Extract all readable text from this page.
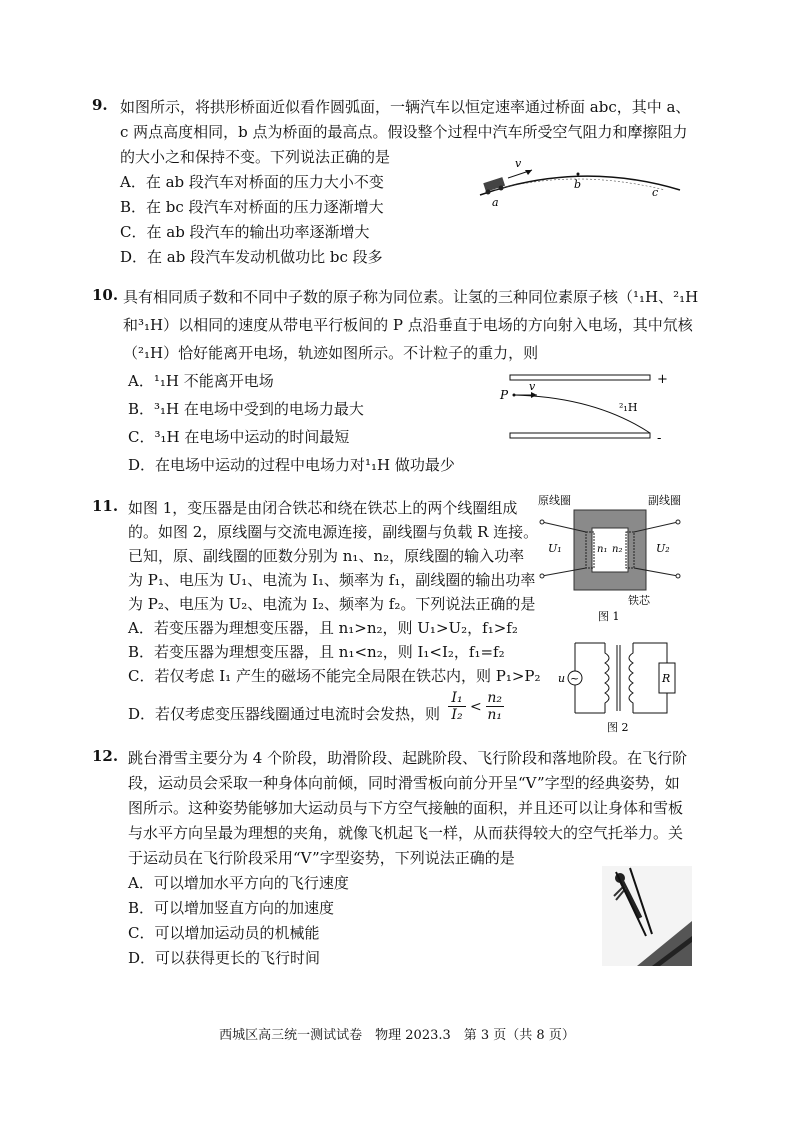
9. 如图所示，将拱形桥面近似看作圆弧面，一辆汽车以恒定速率通过桥面 abc，其中 a、
c 两点高度相同，b 点为桥面的最高点。假设整个过程中汽车所受空气阻力和摩擦阻力
的大小之和保持不变。下列说法正确的是
A．在 ab 段汽车对桥面的压力大小不变
B．在 bc 段汽车对桥面的压力逐渐增大
C．在 ab 段汽车的输出功率逐渐增大
D．在 ab 段汽车发动机做功比 bc 段多
v
a
b
c
10. 具有相同质子数和不同中子数的原子称为同位素。让氢的三种同位素原子核（¹₁H、²₁H
和³₁H）以相同的速度从带电平行板间的 P 点沿垂直于电场的方向射入电场，其中氘核
（²₁H）恰好能离开电场，轨迹如图所示。不计粒子的重力，则
A．¹₁H 不能离开电场
B．³₁H 在电场中受到的电场力最大
C．³₁H 在电场中运动的时间最短
D．在电场中运动的过程中电场力对¹₁H 做功最少
+
-
P
v
²₁H
11. 如图 1，变压器是由闭合铁芯和绕在铁芯上的两个线圈组成
的。如图 2，原线圈与交流电源连接，副线圈与负载 R 连接。
已知，原、副线圈的匝数分别为 n₁、n₂，原线圈的输入功率
为 P₁、电压为 U₁、电流为 I₁、频率为 f₁，副线圈的输出功率
为 P₂、电压为 U₂、电流为 I₂、频率为 f₂。下列说法正确的是
A．若变压器为理想变压器，且 n₁>n₂，则 U₁>U₂，f₁>f₂
B．若变压器为理想变压器，且 n₁<n₂，则 I₁<I₂，f₁=f₂
C．若仅考虑 I₁ 产生的磁场不能完全局限在铁芯内，则 P₁>P₂
D．若仅考虑变压器线圈通过电流时会发热，则
I₁
I₂
<
n₂
n₁
原线圈	副线圈
U₁	n₁ n₂	U₂
铁芯
图 1
~
u	R
图 2
12. 跳台滑雪主要分为 4 个阶段，助滑阶段、起跳阶段、飞行阶段和落地阶段。在飞行阶
段，运动员会采取一种身体向前倾，同时滑雪板向前分开呈“V”字型的经典姿势，如
图所示。这种姿势能够加大运动员与下方空气接触的面积，并且还可以让身体和雪板
与水平方向呈最为理想的夹角，就像飞机起飞一样，从而获得较大的空气托举力。关
于运动员在飞行阶段采用“V”字型姿势，下列说法正确的是
A．可以增加水平方向的飞行速度
B．可以增加竖直方向的加速度
C．可以增加运动员的机械能
D．可以获得更长的飞行时间
西城区高三统一测试试卷　物理 2023.3　第 3 页（共 8 页）
